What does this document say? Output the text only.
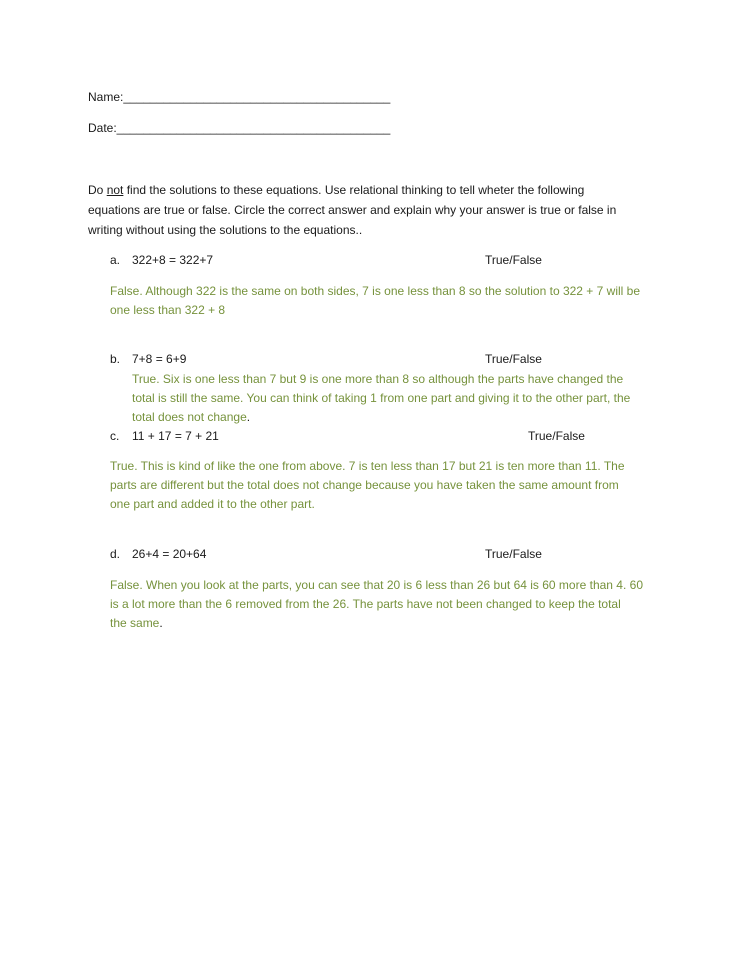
Name:________________________________________
Date:_________________________________________
Do not find the solutions to these equations. Use relational thinking to tell wheter the following
equations are true or false. Circle the correct answer and explain why your answer is true or false in
writing without using the solutions to the equations..
a. 322+8 = 322+7	True/False
False. Although 322 is the same on both sides, 7 is one less than 8 so the solution to 322 + 7 will be
one less than 322 + 8
b. 7+8 = 6+9	True/False
True. Six is one less than 7 but 9 is one more than 8 so although the parts have changed the
total is still the same. You can think of taking 1 from one part and giving it to the other part, the
total does not change.
c. 11 + 17 = 7 + 21	True/False
True. This is kind of like the one from above. 7 is ten less than 17 but 21 is ten more than 11. The
parts are different but the total does not change because you have taken the same amount from
one part and added it to the other part.
d. 26+4 = 20+64	True/False
False. When you look at the parts, you can see that 20 is 6 less than 26 but 64 is 60 more than 4. 60
is a lot more than the 6 removed from the 26. The parts have not been changed to keep the total
the same.
